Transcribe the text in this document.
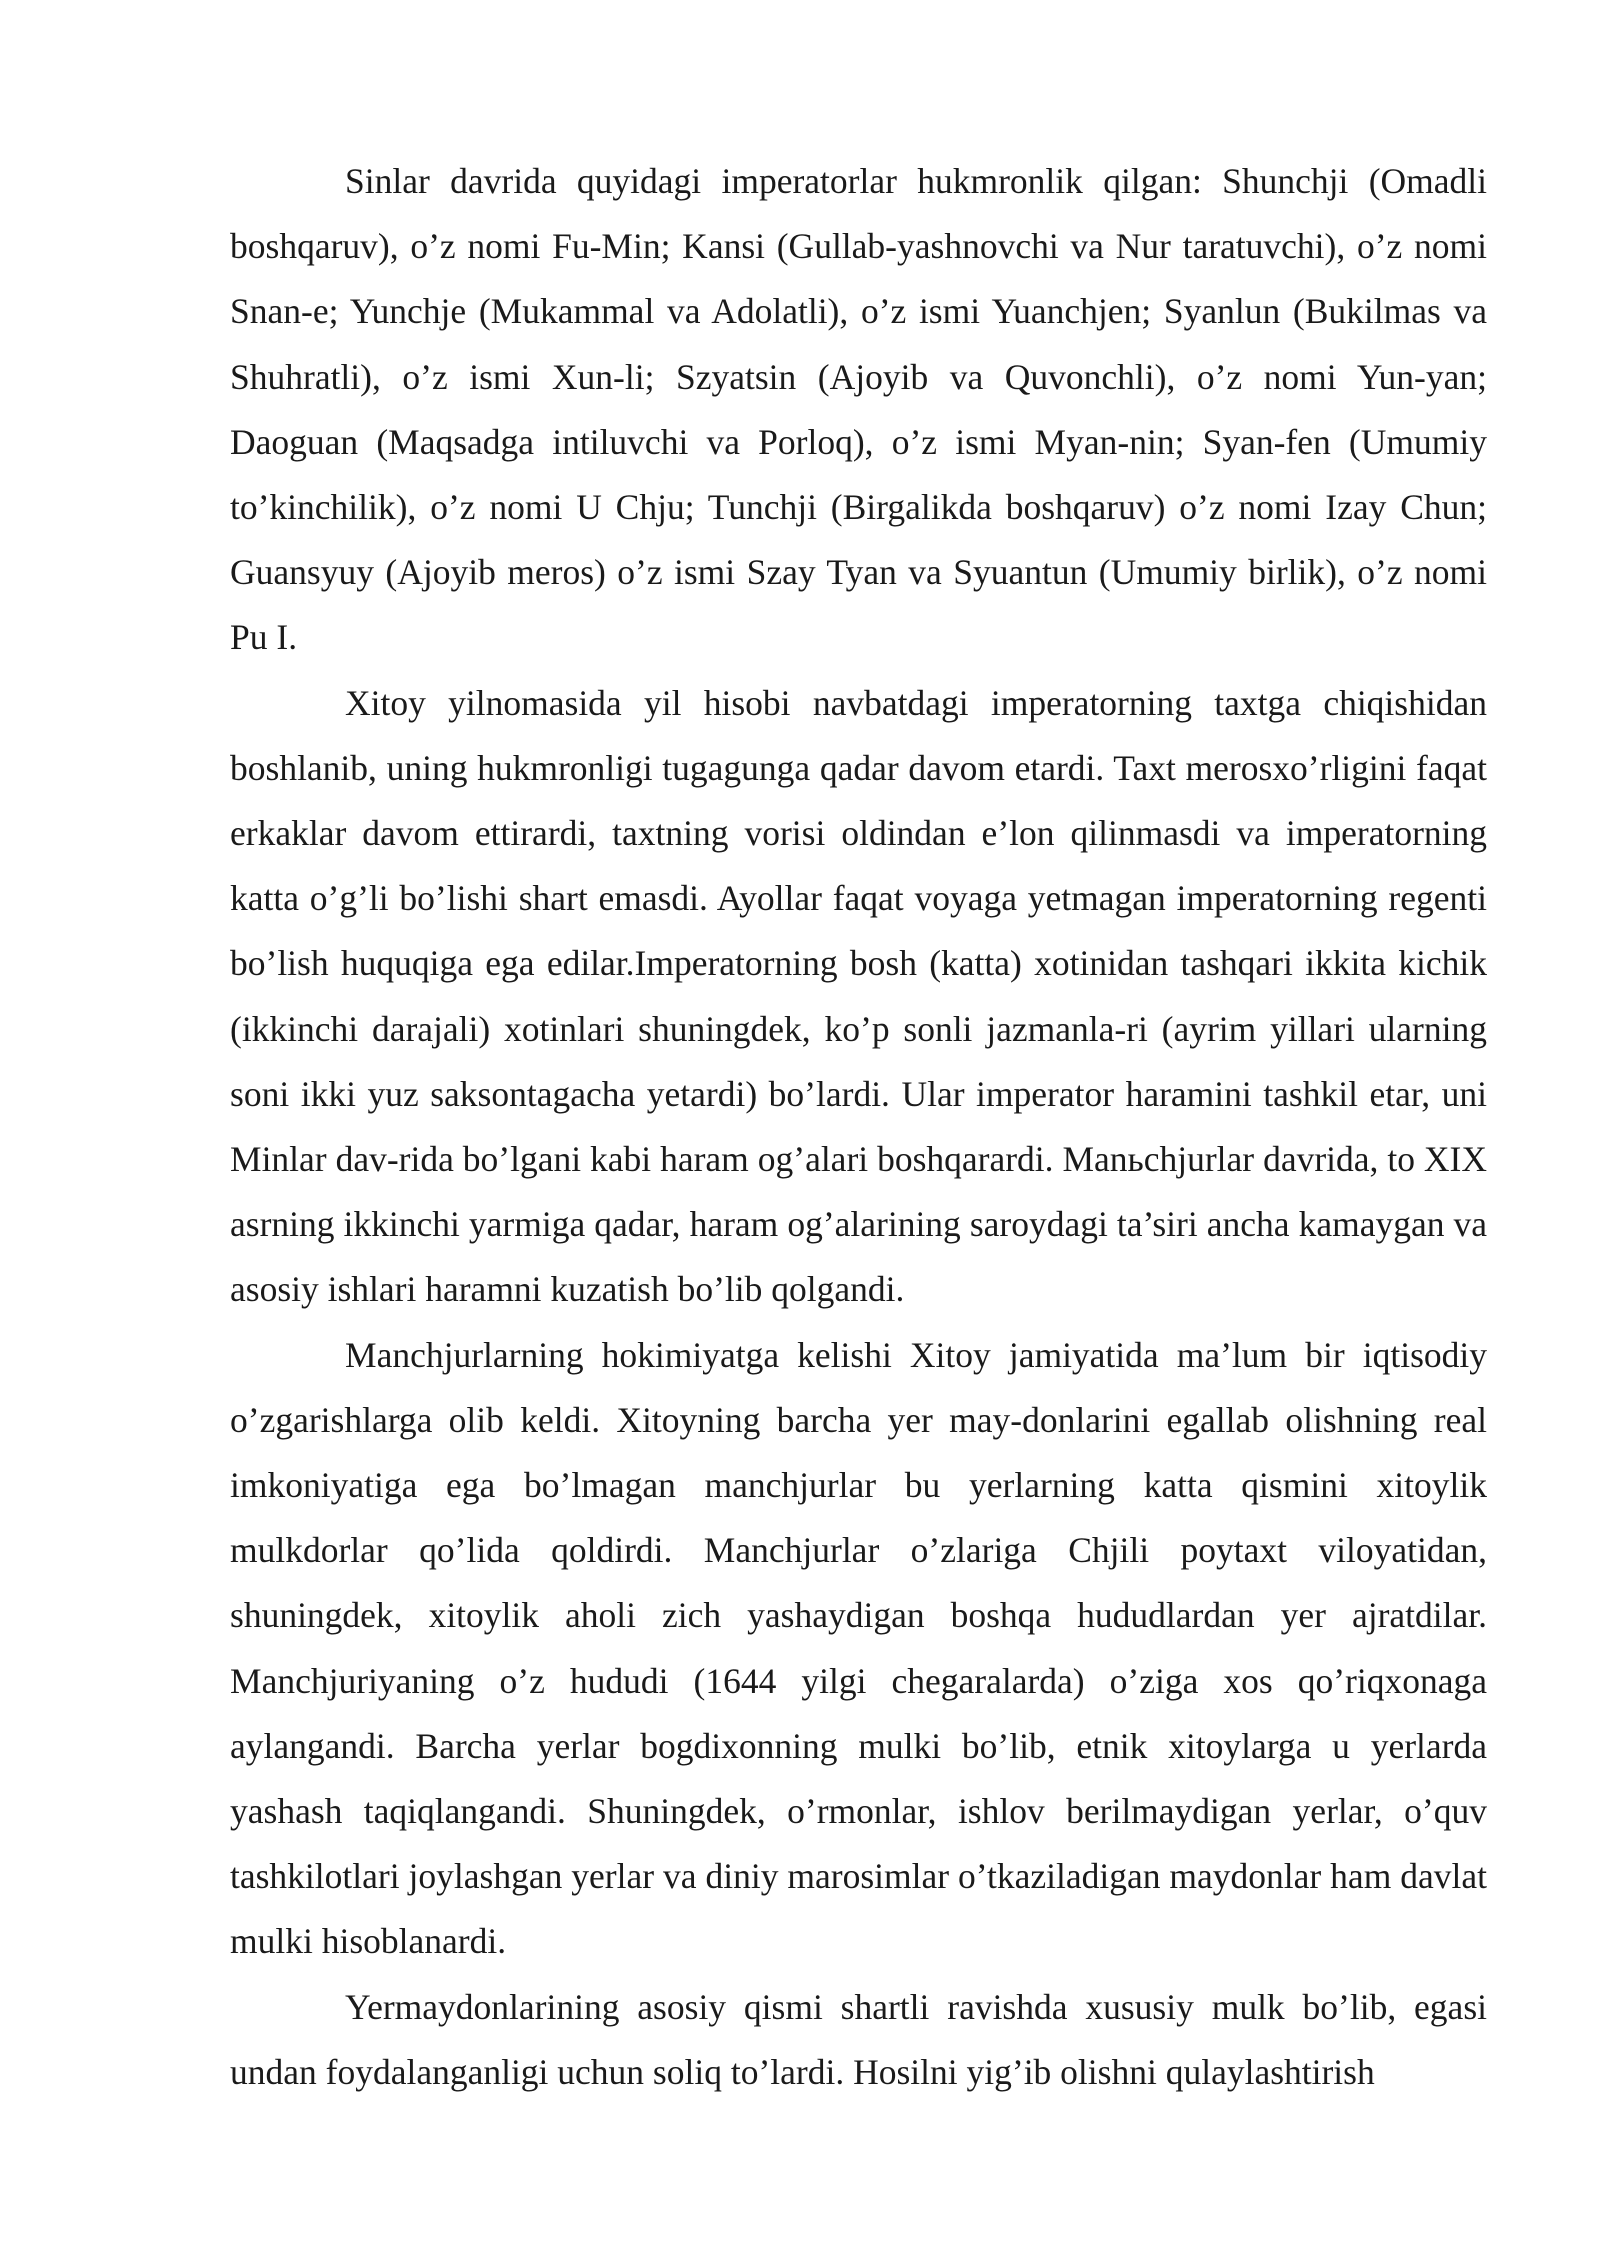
Sinlar davrida quyidagi imperatorlar hukmronlik qilgan: Shunchji (Omadli boshqaruv), o’z nomi Fu-Min; Kansi (Gullab-yashnovchi va Nur taratuvchi), o’z nomi Snan-e; Yunchje (Mukammal va Adolatli), o’z ismi Yuanchjen; Syanlun (Bukilmas va Shuhratli), o’z ismi Xun-li; Szyatsin (Ajoyib va Quvonchli), o’z nomi Yun-yan; Daoguan (Maqsadga intiluvchi va Porloq), o’z ismi Myan-nin; Syan-fen (Umumiy to’kinchilik), o’z nomi U Chju; Tunchji (Birgalikda boshqaruv) o’z nomi Izay Chun; Guansyuy (Ajoyib meros) o’z ismi Szay Tyan va Syuantun (Umumiy birlik), o’z nomi Pu I.

Xitoy yilnomasida yil hisobi navbatdagi imperatorning taxtga chiqishidan boshlanib, uning hukmronligi tugagunga qadar davom etardi. Taxt merosxo’rligini faqat erkaklar davom ettirardi, taxtning vorisi oldindan e’lon qilinmasdi va imperatorning katta o’g’li bo’lishi shart emasdi. Ayollar faqat voyaga yetmagan imperatorning regenti bo’lish huquqiga ega edilar.Imperatorning bosh (katta) xotinidan tashqari ikkita kichik (ikkinchi darajali) xotinlari shuningdek, ko’p sonli jazmanla-ri (ayrim yillari ularning soni ikki yuz saksontagacha yetardi) bo’lardi. Ular imperator haramini tashkil etar, uni Minlar dav-rida bo’lgani kabi haram og’alari boshqarardi. Manьchjurlar davrida, to XIX asrning ikkinchi yarmiga qadar, haram og’alarining saroydagi ta’siri ancha kamaygan va asosiy ishlari haramni kuzatish bo’lib qolgandi.

Manchjurlarning hokimiyatga kelishi Xitoy jamiyatida ma’lum bir iqtisodiy o’zgarishlarga olib keldi. Xitoyning barcha yer may-donlarini egallab olishning real imkoniyatiga ega bo’lmagan manchjurlar bu yerlarning katta qismini xitoylik mulkdorlar qo’lida qoldirdi. Manchjurlar o’zlariga Chjili poytaxt viloyatidan, shuningdek, xitoylik aholi zich yashaydigan boshqa hududlardan yer ajratdilar. Manchjuriyaning o’z hududi (1644 yilgi chegaralarda) o’ziga xos qo’riqxonaga aylangandi. Barcha yerlar bogdixonning mulki bo’lib, etnik xitoylarga u yerlarda yashash taqiqlangandi. Shuningdek, o’rmonlar, ishlov berilmaydigan yerlar, o’quv tashkilotlari joylashgan yerlar va diniy marosimlar o’tkaziladigan maydonlar ham davlat mulki hisoblanardi.

Yermaydonlarining asosiy qismi shartli ravishda xususiy mulk bo’lib, egasi undan foydalanganligi uchun soliq to’lardi. Hosilni yig’ib olishni qulaylashtirish
